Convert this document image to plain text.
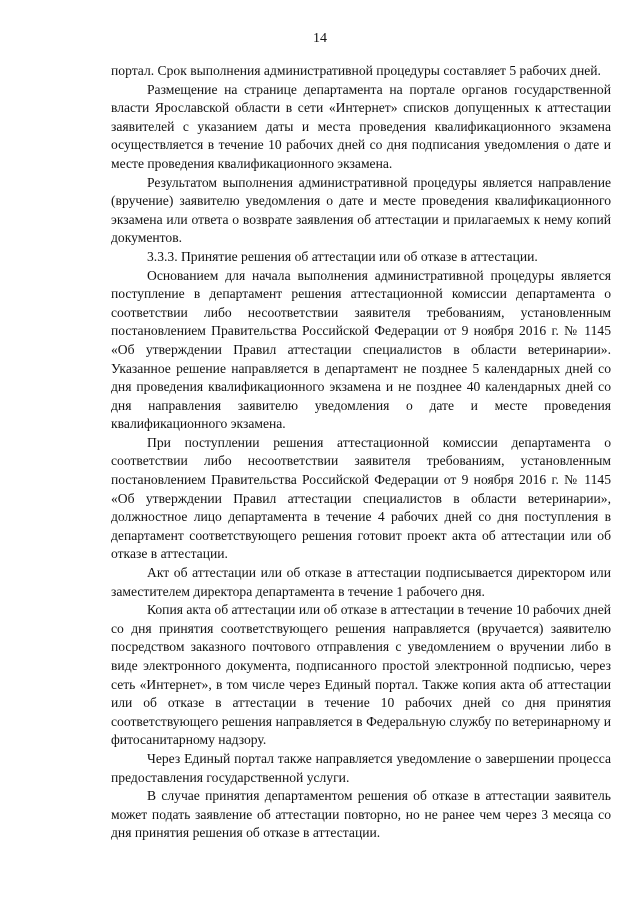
14

портал. Срок выполнения административной процедуры составляет 5 рабочих дней.

Размещение на странице департамента на портале органов государственной власти Ярославской области в сети «Интернет» списков допущенных к аттестации заявителей с указанием даты и места проведения квалификационного экзамена осуществляется в течение 10 рабочих дней со дня подписания уведомления о дате и месте проведения квалификационного экзамена.

Результатом выполнения административной процедуры является направление (вручение) заявителю уведомления о дате и месте проведения квалификационного экзамена или ответа о возврате заявления об аттестации и прилагаемых к нему копий документов.

3.3.3. Принятие решения об аттестации или об отказе в аттестации.

Основанием для начала выполнения административной процедуры является поступление в департамент решения аттестационной комиссии департамента о соответствии либо несоответствии заявителя требованиям, установленным постановлением Правительства Российской Федерации от 9 ноября 2016 г. № 1145 «Об утверждении Правил аттестации специалистов в области ветеринарии». Указанное решение направляется в департамент не позднее 5 календарных дней со дня проведения квалификационного экзамена и не позднее 40 календарных дней со дня направления заявителю уведомления о дате и месте проведения квалификационного экзамена.

При поступлении решения аттестационной комиссии департамента о соответствии либо несоответствии заявителя требованиям, установленным постановлением Правительства Российской Федерации от 9 ноября 2016 г. № 1145 «Об утверждении Правил аттестации специалистов в области ветеринарии», должностное лицо департамента в течение 4 рабочих дней со дня поступления в департамент соответствующего решения готовит проект акта об аттестации или об отказе в аттестации.

Акт об аттестации или об отказе в аттестации подписывается директором или заместителем директора департамента в течение 1 рабочего дня.

Копия акта об аттестации или об отказе в аттестации в течение 10 рабочих дней со дня принятия соответствующего решения направляется (вручается) заявителю посредством заказного почтового отправления с уведомлением о вручении либо в виде электронного документа, подписанного простой электронной подписью, через сеть «Интернет», в том числе через Единый портал. Также копия акта об аттестации или об отказе в аттестации в течение 10 рабочих дней со дня принятия соответствующего решения направляется в Федеральную службу по ветеринарному и фитосанитарному надзору.

Через Единый портал также направляется уведомление о завершении процесса предоставления государственной услуги.

В случае принятия департаментом решения об отказе в аттестации заявитель может подать заявление об аттестации повторно, но не ранее чем через 3 месяца со дня принятия решения об отказе в аттестации.
